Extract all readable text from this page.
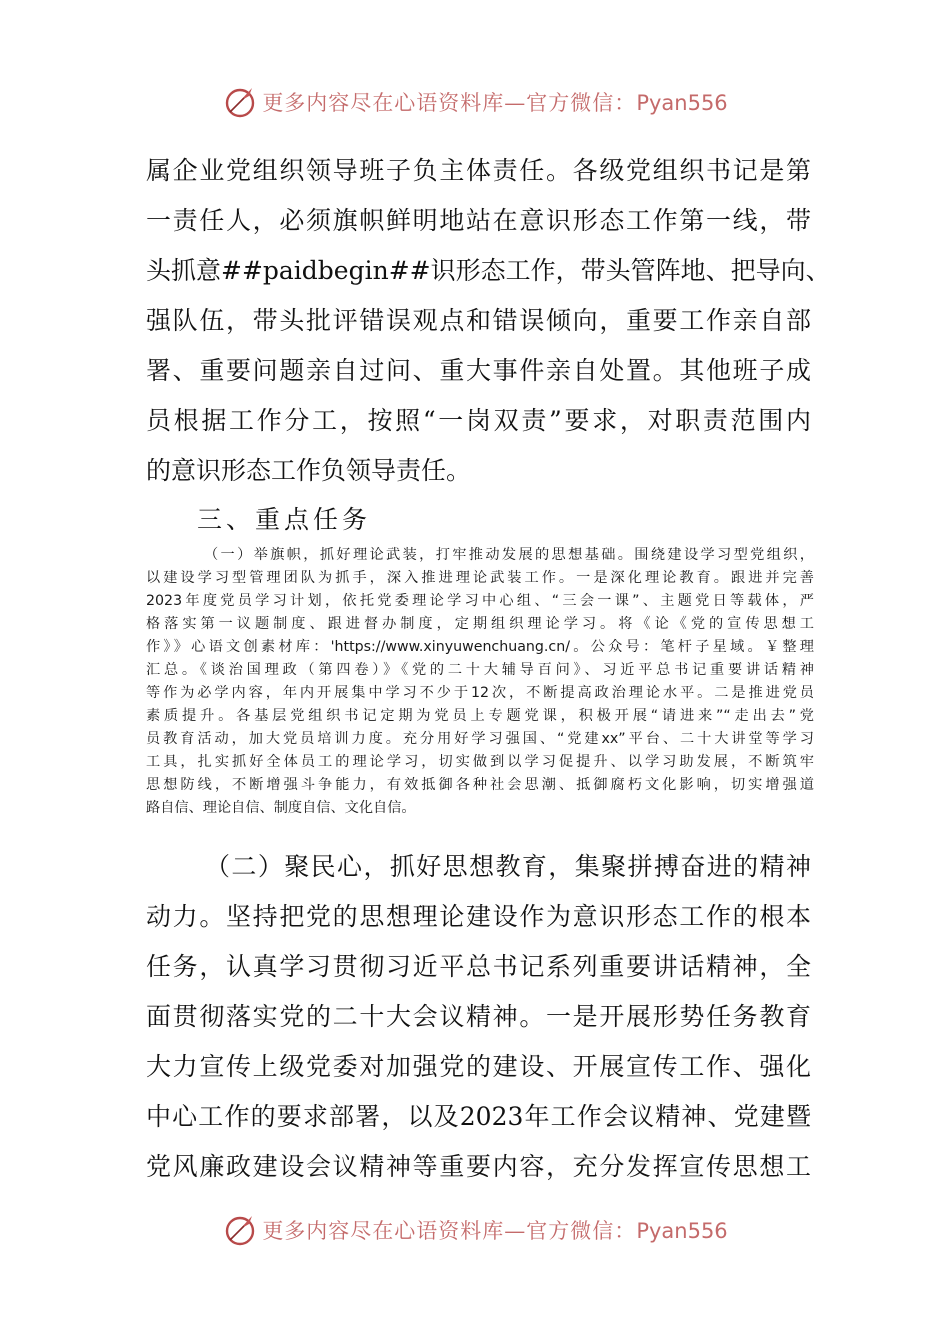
更多内容尽在心语资料库—官方微信：Pyan556
属企业党组织领导班子负主体责任。各级党组织书记是第
一责任人，必须旗帜鲜明地站在意识形态工作第一线，带
头抓意##paidbegin##识形态工作，带头管阵地、把导向、
强队伍，带头批评错误观点和错误倾向，重要工作亲自部
署、重要问题亲自过问、重大事件亲自处置。其他班子成
员根据工作分工，按照“一岗双责”要求，对职责范围内
的意识形态工作负领导责任。
三、重点任务
（一）举旗帜，抓好理论武装，打牢推动发展的思想基础。围绕建设学习型党组织，
以建设学习型管理团队为抓手，深入推进理论武装工作。一是深化理论教育。跟进并完善
2023年度党员学习计划，依托党委理论学习中心组、“三会一课”、主题党日等载体，严
格落实第一议题制度、跟进督办制度，定期组织理论学习。将《论《党的宣传思想工
作》》心语文创素材库：'https://www.xinyuwenchuang.cn/。公众号：笔杆子星域。￥整理
汇总。《谈治国理政（第四卷）》《党的二十大辅导百问》、习近平总书记重要讲话精神
等作为必学内容，年内开展集中学习不少于12次，不断提高政治理论水平。二是推进党员
素质提升。各基层党组织书记定期为党员上专题党课，积极开展“请进来”“走出去”党
员教育活动，加大党员培训力度。充分用好学习强国、“党建xx”平台、二十大讲堂等学习
工具，扎实抓好全体员工的理论学习，切实做到以学习促提升、以学习助发展，不断筑牢
思想防线，不断增强斗争能力，有效抵御各种社会思潮、抵御腐朽文化影响，切实增强道
路自信、理论自信、制度自信、文化自信。
（二）聚民心，抓好思想教育，集聚拼搏奋进的精神
动力。坚持把党的思想理论建设作为意识形态工作的根本
任务，认真学习贯彻习近平总书记系列重要讲话精神，全
面贯彻落实党的二十大会议精神。一是开展形势任务教育
大力宣传上级党委对加强党的建设、开展宣传工作、强化
中心工作的要求部署，以及2023年工作会议精神、党建暨
党风廉政建设会议精神等重要内容，充分发挥宣传思想工
更多内容尽在心语资料库—官方微信：Pyan556
